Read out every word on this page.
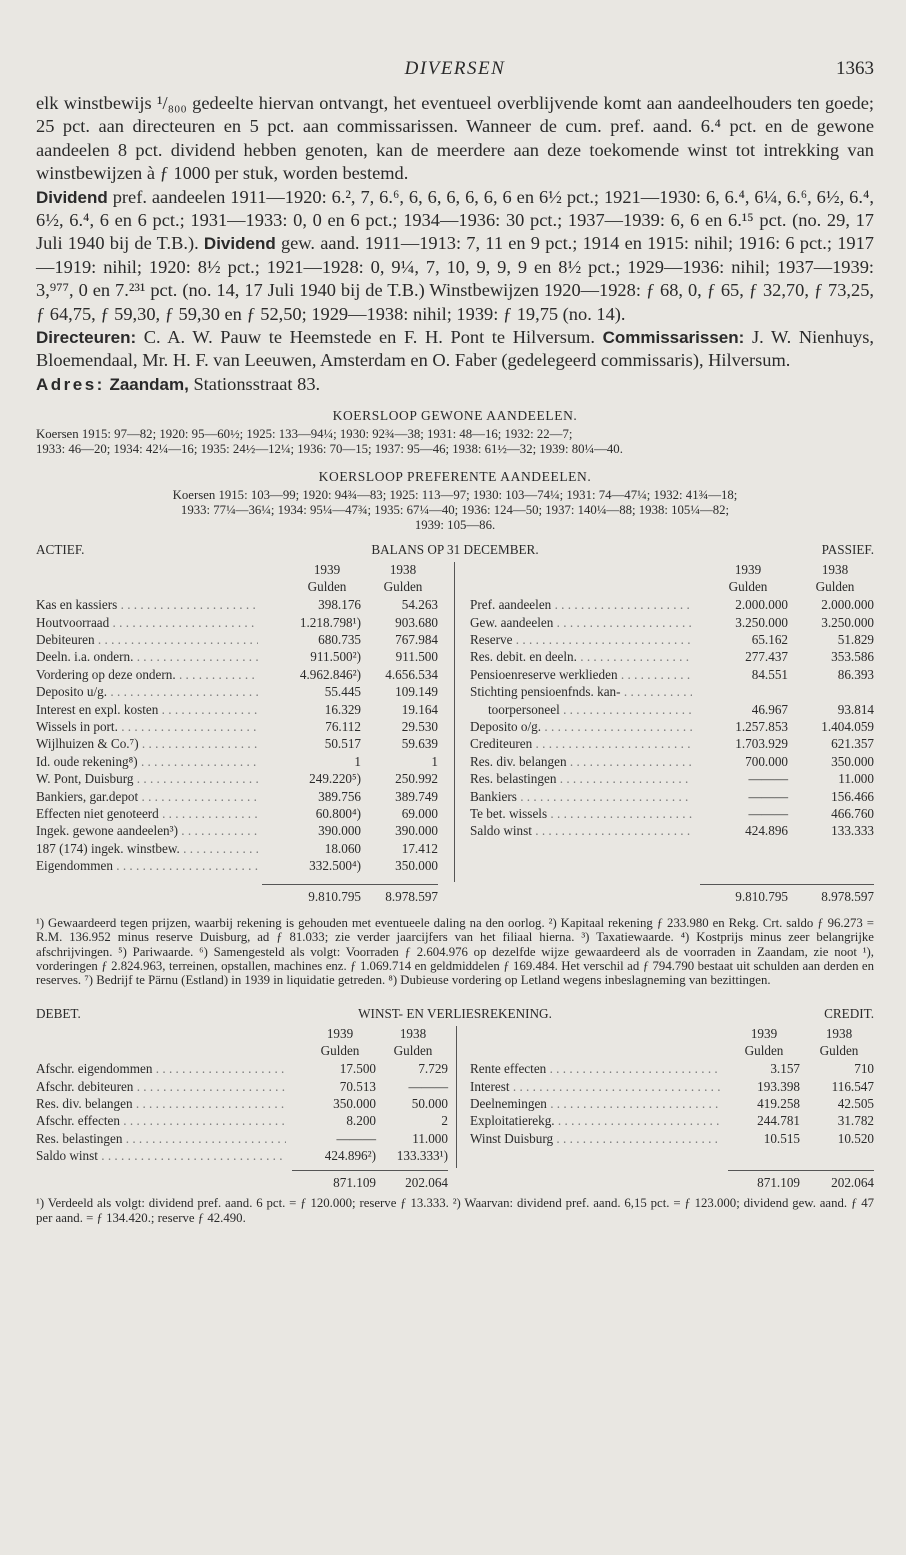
DIVERSEN	1363

elk winstbewijs ¹/₈₀₀ gedeelte hiervan ontvangt, het eventueel overblijvende komt aan aandeelhouders ten goede; 25 pct. aan directeuren en 5 pct. aan commissarissen. Wanneer de cum. pref. aand. 6.⁴ pct. en de gewone aandeelen 8 pct. dividend hebben genoten, kan de meerdere aan deze toekomende winst tot intrekking van winstbewijzen à ƒ 1000 per stuk, worden bestemd.
Dividend pref. aandeelen 1911—1920: 6.², 7, 6.⁶, 6, 6, 6, 6, 6, 6 en 6½ pct.; 1921—1930: 6, 6.⁴, 6¼, 6.⁶, 6½, 6.⁴, 6½, 6.⁴, 6 en 6 pct.; 1931—1933: 0, 0 en 6 pct.; 1934—1936: 30 pct.; 1937—1939: 6, 6 en 6.¹⁵ pct. (no. 29, 17 Juli 1940 bij de T.B.). Dividend gew. aand. 1911—1913: 7, 11 en 9 pct.; 1914 en 1915: nihil; 1916: 6 pct.; 1917—1919: nihil; 1920: 8½ pct.; 1921—1928: 0, 9¼, 7, 10, 9, 9, 9 en 8½ pct.; 1929—1936: nihil; 1937—1939: 3,⁹⁷⁷, 0 en 7.²³¹ pct. (no. 14, 17 Juli 1940 bij de T.B.) Winstbewijzen 1920—1928: ƒ 68, 0, ƒ 65, ƒ 32,70, ƒ 73,25, ƒ 64,75, ƒ 59,30, ƒ 59,30 en ƒ 52,50; 1929—1938: nihil; 1939: ƒ 19,75 (no. 14).
Directeuren: C. A. W. Pauw te Heemstede en F. H. Pont te Hilversum. Commissarissen: J. W. Nienhuys, Bloemendaal, Mr. H. F. van Leeuwen, Amsterdam en O. Faber (gedelegeerd commissaris), Hilversum.
Adres: Zaandam, Stationsstraat 83.

KOERSLOOP GEWONE AANDEELEN.

Koersen 1915: 97—82; 1920: 95—60½; 1925: 133—94¼; 1930: 92¾—38; 1931: 48—16; 1932: 22—7;
1933: 46—20; 1934: 42¼—16; 1935: 24½—12¼; 1936: 70—15; 1937: 95—46; 1938: 61½—32; 1939: 80¼—40.

KOERSLOOP PREFERENTE AANDEELEN.

Koersen 1915: 103—99; 1920: 94¾—83; 1925: 113—97; 1930: 103—74¼; 1931: 74—47¼; 1932: 41¾—18;
1933: 77¼—36¼; 1934: 95¼—47¾; 1935: 67¼—40; 1936: 124—50; 1937: 140¼—88; 1938: 105¼—82;
1939: 105—86.

ACTIEF.	BALANS OP 31 DECEMBER.	PASSIEF.
1939	1938
Gulden	Gulden
1939	1938
Gulden	Gulden
Kas en kassiers . . .	398.176	54.263
Houtvoorraad . . .	1.218.798¹)	903.680
Debiteuren . . .	680.735	767.984
Deeln. i.a. ondern. . . .	911.500²)	911.500
Vordering op deze ondern. . . .	4.962.846²)	4.656.534
Deposito u/g. . . .	55.445	109.149
Interest en expl. kosten . . .	16.329	19.164
Wissels in port. . . .	76.112	29.530
Wijlhuizen & Co.⁷) . . .	50.517	59.639
Id. oude rekening⁸) . . .	1	1
W. Pont, Duisburg . . .	249.220⁵)	250.992
Bankiers, gar.depot . . .	389.756	389.749
Effecten niet genoteerd . . .	60.800⁴)	69.000
Ingek. gewone aandeelen³) . . .	390.000	390.000
187 (174) ingek. winstbew. . . .	18.060	17.412
Eigendommen . . .	332.500⁴)	350.000
Pref. aandeelen . . .	2.000.000	2.000.000
Gew. aandeelen . . .	3.250.000	3.250.000
Reserve . . .	65.162	51.829
Res. debit. en deeln. . . .	277.437	353.586
Pensioenreserve werklieden . . .	84.551	86.393
Stichting pensioenfnds. kan- . . .
toorpersoneel . . .	46.967	93.814
Deposito o/g. . . .	1.257.853	1.404.059
Crediteuren . . .	1.703.929	621.357
Res. div. belangen . . .	700.000	350.000
Res. belastingen . . .	———	11.000
Bankiers . . .	———	156.466
Te bet. wissels . . .	———	466.760
Saldo winst . . .	424.896	133.333
9.810.795	8.978.597	9.810.795	8.978.597

¹) Gewaardeerd tegen prijzen, waarbij rekening is gehouden met eventueele daling na den oorlog. ²) Kapitaal rekening ƒ 233.980 en Rekg. Crt. saldo ƒ 96.273 = R.M. 136.952 minus reserve Duisburg, ad ƒ 81.033; zie verder jaarcijfers van het filiaal hierna. ³) Taxatiewaarde. ⁴) Kostprijs minus zeer belangrijke afschrijvingen. ⁵) Pariwaarde. ⁶) Samengesteld als volgt: Voorraden ƒ 2.604.976 op dezelfde wijze gewaardeerd als de voorraden in Zaandam, zie noot ¹), vorderingen ƒ 2.824.963, terreinen, opstallen, machines enz. ƒ 1.069.714 en geldmiddelen ƒ 169.484. Het verschil ad ƒ 794.790 bestaat uit schulden aan derden en reserves. ⁷) Bedrijf te Pärnu (Estland) in 1939 in liquidatie getreden. ⁸) Dubieuse vordering op Letland wegens inbeslagneming van bezittingen.

DEBET.	WINST- EN VERLIESREKENING.	CREDIT.
1939	1938
Gulden	Gulden
1939	1938
Gulden	Gulden
Afschr. eigendommen . . .	17.500	7.729
Afschr. debiteuren . . .	70.513	———
Res. div. belangen . . .	350.000	50.000
Afschr. effecten . . .	8.200	2
Res. belastingen . . .	———	11.000
Saldo winst . . .	424.896²)	133.333¹)
Rente effecten . . .	3.157	710
Interest . . .	193.398	116.547
Deelnemingen . . .	419.258	42.505
Exploitatierekg. . . .	244.781	31.782
Winst Duisburg . . .	10.515	10.520
871.109	202.064	871.109	202.064

¹) Verdeeld als volgt: dividend pref. aand. 6 pct. = ƒ 120.000; reserve ƒ 13.333. ²) Waarvan: dividend pref. aand. 6,15 pct. = ƒ 123.000; dividend gew. aand. ƒ 47 per aand. = ƒ 134.420.; reserve ƒ 42.490.
